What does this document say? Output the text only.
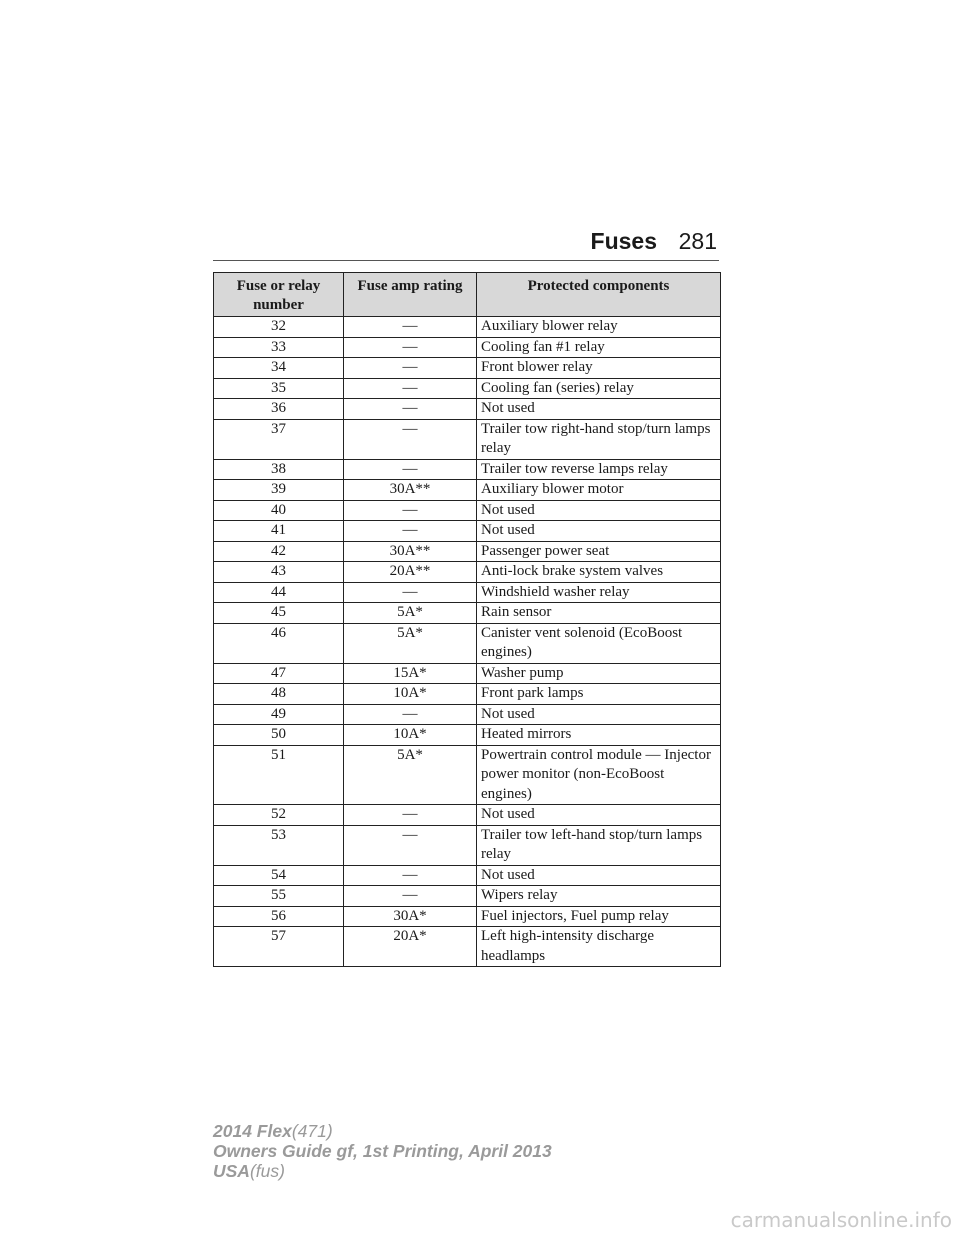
Fuses 281
Fuse or relay number	Fuse amp rating	Protected components
32	—	Auxiliary blower relay
33	—	Cooling fan #1 relay
34	—	Front blower relay
35	—	Cooling fan (series) relay
36	—	Not used
37	—	Trailer tow right-hand stop/turn lamps relay
38	—	Trailer tow reverse lamps relay
39	30A**	Auxiliary blower motor
40	—	Not used
41	—	Not used
42	30A**	Passenger power seat
43	20A**	Anti-lock brake system valves
44	—	Windshield washer relay
45	5A*	Rain sensor
46	5A*	Canister vent solenoid (EcoBoost engines)
47	15A*	Washer pump
48	10A*	Front park lamps
49	—	Not used
50	10A*	Heated mirrors
51	5A*	Powertrain control module — Injector power monitor (non-EcoBoost engines)
52	—	Not used
53	—	Trailer tow left-hand stop/turn lamps relay
54	—	Not used
55	—	Wipers relay
56	30A*	Fuel injectors, Fuel pump relay
57	20A*	Left high-intensity discharge headlamps
2014 Flex(471)
Owners Guide gf, 1st Printing, April 2013
USA(fus)
carmanualsonline.info
